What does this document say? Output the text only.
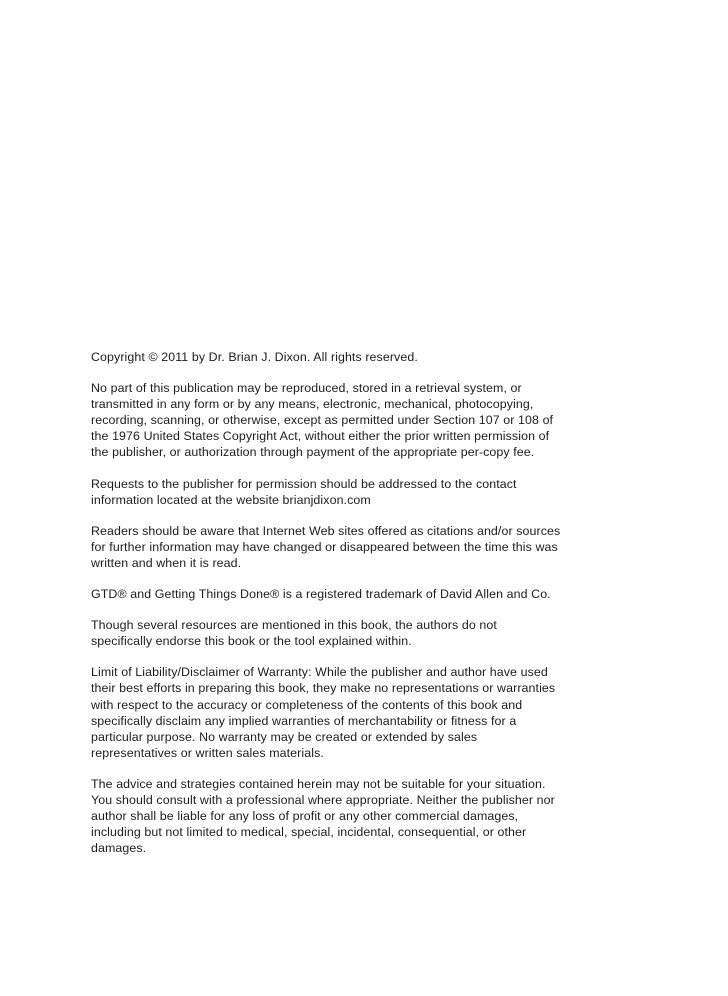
Copyright © 2011 by Dr. Brian J. Dixon. All rights reserved.

No part of this publication may be reproduced, stored in a retrieval system, or transmitted in any form or by any means, electronic, mechanical, photocopying, recording, scanning, or otherwise, except as permitted under Section 107 or 108 of the 1976 United States Copyright Act, without either the prior written permission of the publisher, or authorization through payment of the appropriate per-copy fee.

Requests to the publisher for permission should be addressed to the contact information located at the website brianjdixon.com

Readers should be aware that Internet Web sites offered as citations and/or sources for further information may have changed or disappeared between the time this was written and when it is read.

GTD® and Getting Things Done® is a registered trademark of David Allen and Co.

Though several resources are mentioned in this book, the authors do not specifically endorse this book or the tool explained within.

Limit of Liability/Disclaimer of Warranty: While the publisher and author have used their best efforts in preparing this book, they make no representations or warranties with respect to the accuracy or completeness of the contents of this book and specifically disclaim any implied warranties of merchantability or fitness for a particular purpose. No warranty may be created or extended by sales representatives or written sales materials.

The advice and strategies contained herein may not be suitable for your situation. You should consult with a professional where appropriate. Neither the publisher nor author shall be liable for any loss of profit or any other commercial damages, including but not limited to medical, special, incidental, consequential, or other damages.
